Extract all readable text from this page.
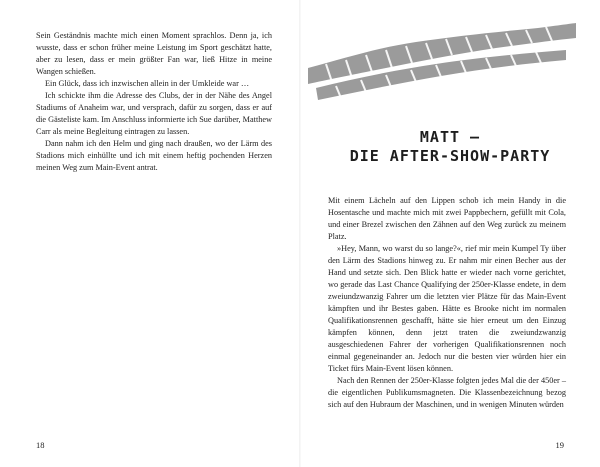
Sein Geständnis machte mich einen Moment sprachlos. Denn ja, ich wusste, dass er schon früher meine Leistung im Sport geschätzt hatte, aber zu lesen, dass er mein größter Fan war, ließ Hitze in meine Wangen schießen.

Ein Glück, dass ich inzwischen allein in der Umkleide war …

Ich schickte ihm die Adresse des Clubs, der in der Nähe des Angel Stadiums of Anaheim war, und versprach, dafür zu sorgen, dass er auf die Gästeliste kam. Im Anschluss informierte ich Sue darüber, Matthew Carr als meine Begleitung eintragen zu lassen.

Dann nahm ich den Helm und ging nach draußen, wo der Lärm des Stadions mich einhüllte und ich mit einem heftig pochenden Herzen meinen Weg zum Main-Event antrat.

18
MATT –
DIE AFTER-SHOW-PARTY

Mit einem Lächeln auf den Lippen schob ich mein Handy in die Hosentasche und machte mich mit zwei Pappbechern, gefüllt mit Cola, und einer Brezel zwischen den Zähnen auf den Weg zurück zu meinem Platz.

»Hey, Mann, wo warst du so lange?«, rief mir mein Kumpel Ty über den Lärm des Stadions hinweg zu. Er nahm mir einen Becher aus der Hand und setzte sich. Den Blick hatte er wieder nach vorne gerichtet, wo gerade das Last Chance Qualifying der 250er-Klasse endete, in dem zweiundzwanzig Fahrer um die letzten vier Plätze für das Main-Event kämpften und ihr Bestes gaben. Hätte es Brooke nicht im normalen Qualifikationsrennen geschafft, hätte sie hier erneut um den Einzug kämpfen können, denn jetzt traten die zweiundzwanzig ausgeschiedenen Fahrer der vorherigen Qualifikationsrennen noch einmal gegeneinander an. Jedoch nur die besten vier würden hier ein Ticket fürs Main-Event lösen können.

Nach den Rennen der 250er-Klasse folgten jedes Mal die der 450er – die eigentlichen Publikumsmagneten. Die Klassenbezeichnung bezog sich auf den Hubraum der Maschinen, und in wenigen Minuten würden

19
